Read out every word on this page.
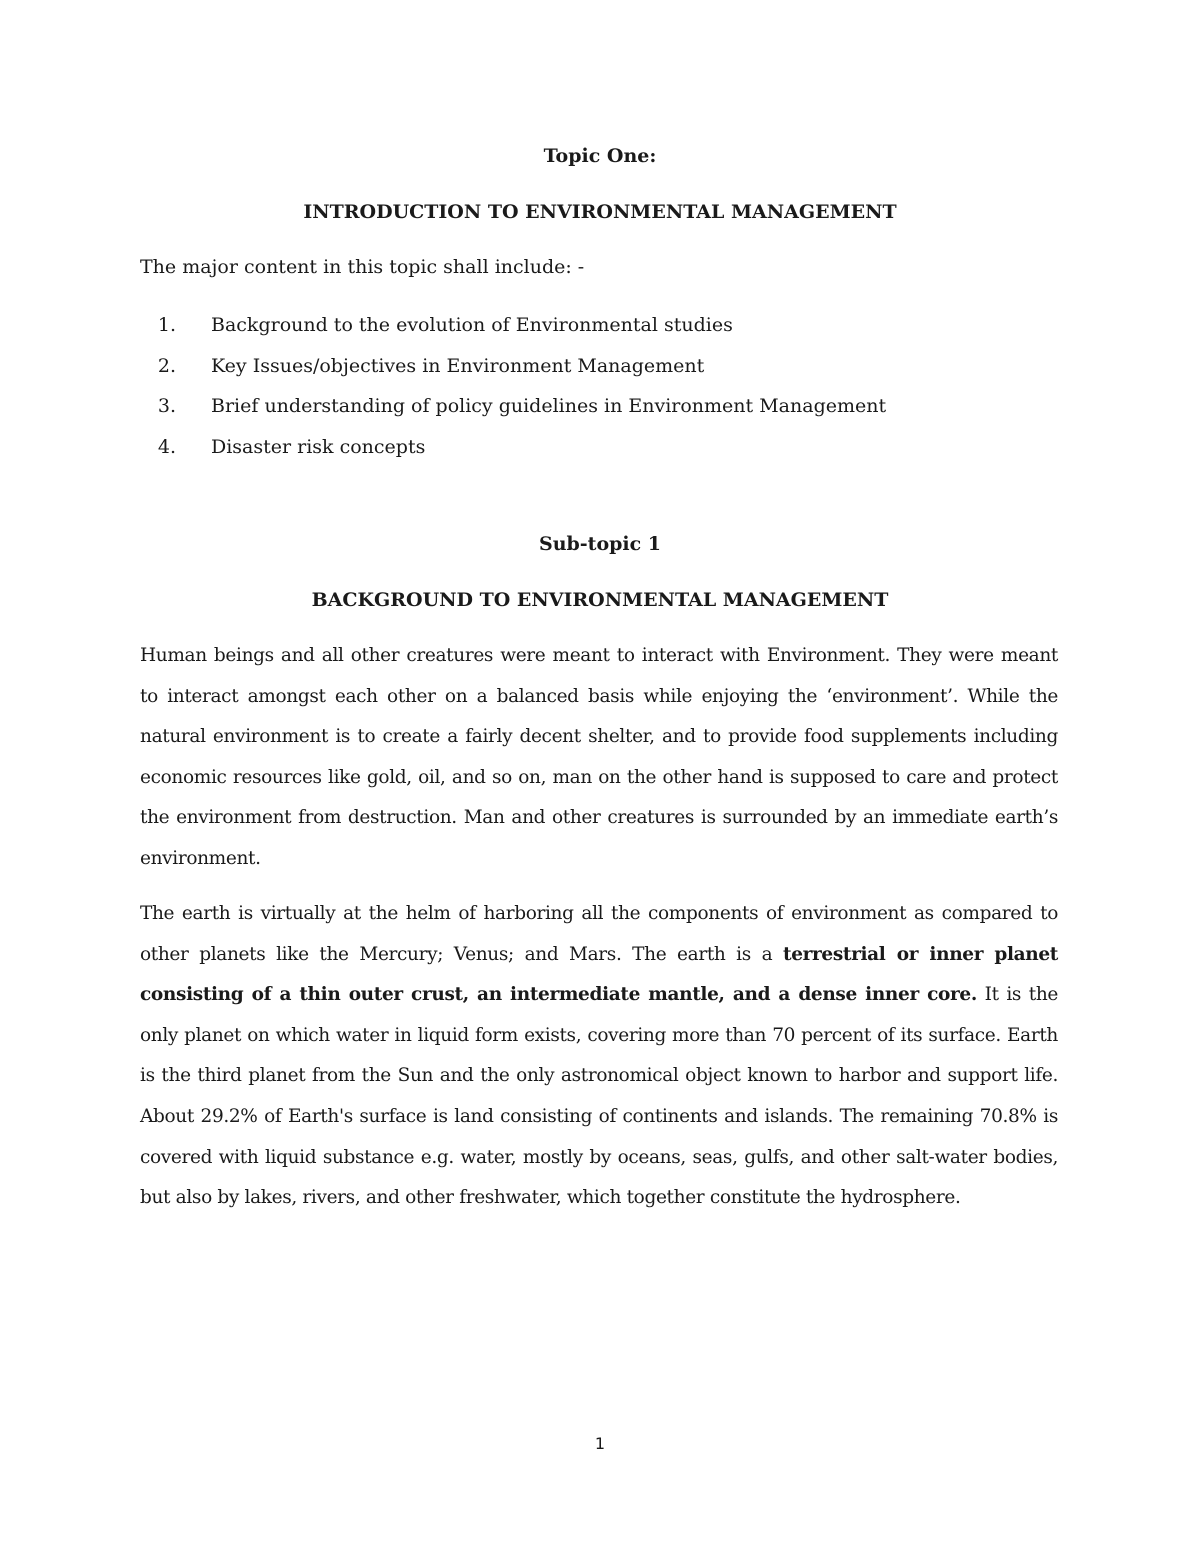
Topic One:

INTRODUCTION TO ENVIRONMENTAL MANAGEMENT

The major content in this topic shall include: -

1. Background to the evolution of Environmental studies
2. Key Issues/objectives in Environment Management
3. Brief understanding of policy guidelines in Environment Management
4. Disaster risk concepts

Sub-topic 1

BACKGROUND TO ENVIRONMENTAL MANAGEMENT

Human beings and all other creatures were meant to interact with Environment. They were meant to interact amongst each other on a balanced basis while enjoying the ‘environment’. While the natural environment is to create a fairly decent shelter, and to provide food supplements including economic resources like gold, oil, and so on, man on the other hand is supposed to care and protect the environment from destruction. Man and other creatures is surrounded by an immediate earth’s environment.

The earth is virtually at the helm of harboring all the components of environment as compared to other planets like the Mercury; Venus; and Mars. The earth is a terrestrial or inner planet consisting of a thin outer crust, an intermediate mantle, and a dense inner core. It is the only planet on which water in liquid form exists, covering more than 70 percent of its surface. Earth is the third planet from the Sun and the only astronomical object known to harbor and support life. About 29.2% of Earth's surface is land consisting of continents and islands. The remaining 70.8% is covered with liquid substance e.g. water, mostly by oceans, seas, gulfs, and other salt-water bodies, but also by lakes, rivers, and other freshwater, which together constitute the hydrosphere.

1
